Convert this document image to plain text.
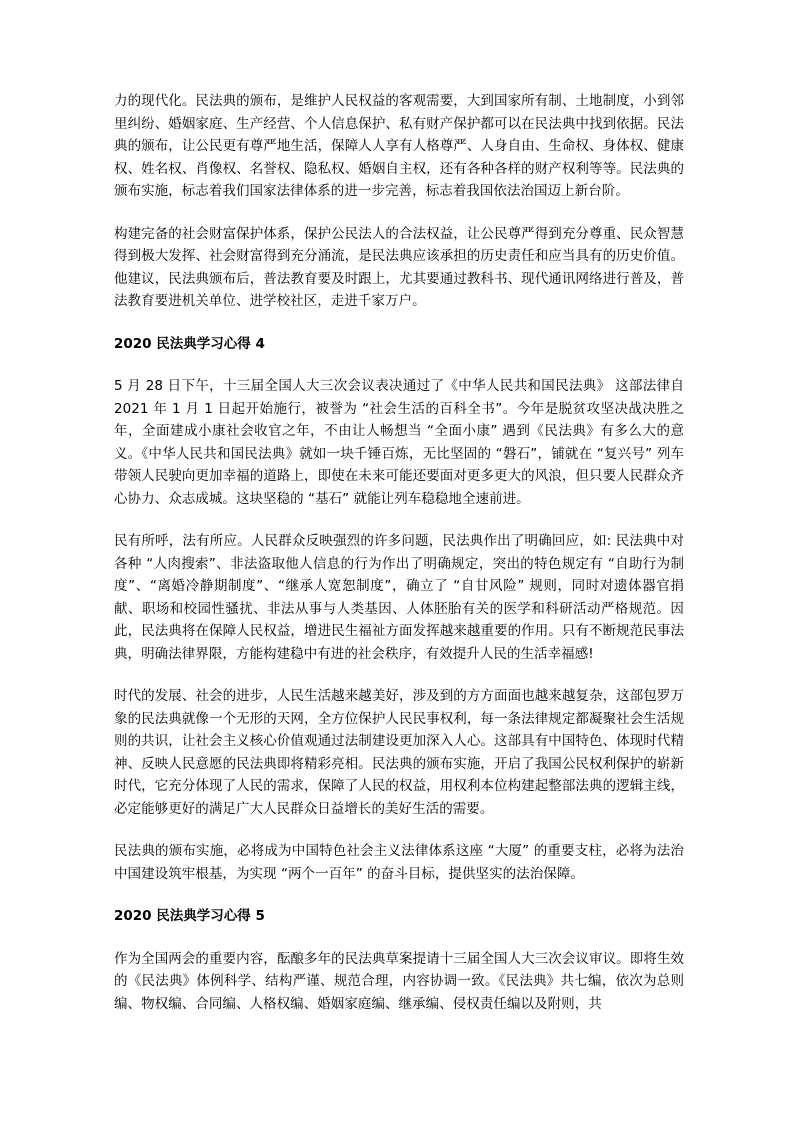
力的现代化。民法典的颁布，是维护人民权益的客观需要，大到国家所有制、土地制度，小到邻里纠纷、婚姻家庭、生产经营、个人信息保护、私有财产保护都可以在民法典中找到依据。民法典的颁布，让公民更有尊严地生活，保障人人享有人格尊严、人身自由、生命权、身体权、健康权、姓名权、肖像权、名誉权、隐私权、婚姻自主权，还有各种各样的财产权利等等。民法典的颁布实施，标志着我们国家法律体系的进一步完善，标志着我国依法治国迈上新台阶。

构建完备的社会财富保护体系，保护公民法人的合法权益，让公民尊严得到充分尊重、民众智慧得到极大发挥、社会财富得到充分涌流，是民法典应该承担的历史责任和应当具有的历史价值。他建议，民法典颁布后，普法教育要及时跟上，尤其要通过教科书、现代通讯网络进行普及，普法教育要进机关单位、进学校社区，走进千家万户。

2020 民法典学习心得 4

5 月 28 日下午，十三届全国人大三次会议表决通过了《中华人民共和国民法典》 这部法律自 2021 年 1 月 1 日起开始施行，被誉为 “社会生活的百科全书”。今年是脱贫攻坚决战决胜之年，全面建成小康社会收官之年，不由让人畅想当 “全面小康” 遇到《民法典》有多么大的意义。《中华人民共和国民法典》就如一块千锤百炼，无比坚固的 “磐石”，铺就在 “复兴号” 列车带领人民驶向更加幸福的道路上，即使在未来可能还要面对更多更大的风浪，但只要人民群众齐心协力、众志成城。这块坚稳的 “基石” 就能让列车稳稳地全速前进。

民有所呼，法有所应。人民群众反映强烈的许多问题，民法典作出了明确回应，如: 民法典中对各种 “人肉搜索”、非法盗取他人信息的行为作出了明确规定，突出的特色规定有 “自助行为制度”、“离婚冷静期制度”、“继承人宽恕制度”，确立了 “自甘风险” 规则，同时对遗体器官捐献、职场和校园性骚扰、非法从事与人类基因、人体胚胎有关的医学和科研活动严格规范。因此，民法典将在保障人民权益，增进民生福祉方面发挥越来越重要的作用。只有不断规范民事法典，明确法律界限，方能构建稳中有进的社会秩序，有效提升人民的生活幸福感!

时代的发展、社会的进步，人民生活越来越美好，涉及到的方方面面也越来越复杂，这部包罗万象的民法典就像一个无形的天网，全方位保护人民民事权利，每一条法律规定都凝聚社会生活规则的共识，让社会主义核心价值观通过法制建设更加深入人心。这部具有中国特色、体现时代精神、反映人民意愿的民法典即将精彩亮相。民法典的颁布实施，开启了我国公民权利保护的崭新时代，它充分体现了人民的需求，保障了人民的权益，用权利本位构建起整部法典的逻辑主线，必定能够更好的满足广大人民群众日益增长的美好生活的需要。

民法典的颁布实施，必将成为中国特色社会主义法律体系这座 “大厦” 的重要支柱，必将为法治中国建设筑牢根基，为实现 “两个一百年” 的奋斗目标，提供坚实的法治保障。

2020 民法典学习心得 5

作为全国两会的重要内容，酝酿多年的民法典草案提请十三届全国人大三次会议审议。即将生效的《民法典》体例科学、结构严谨、规范合理，内容协调一致。《民法典》共七编，依次为总则编、物权编、合同编、人格权编、婚姻家庭编、继承编、侵权责任编以及附则，共
